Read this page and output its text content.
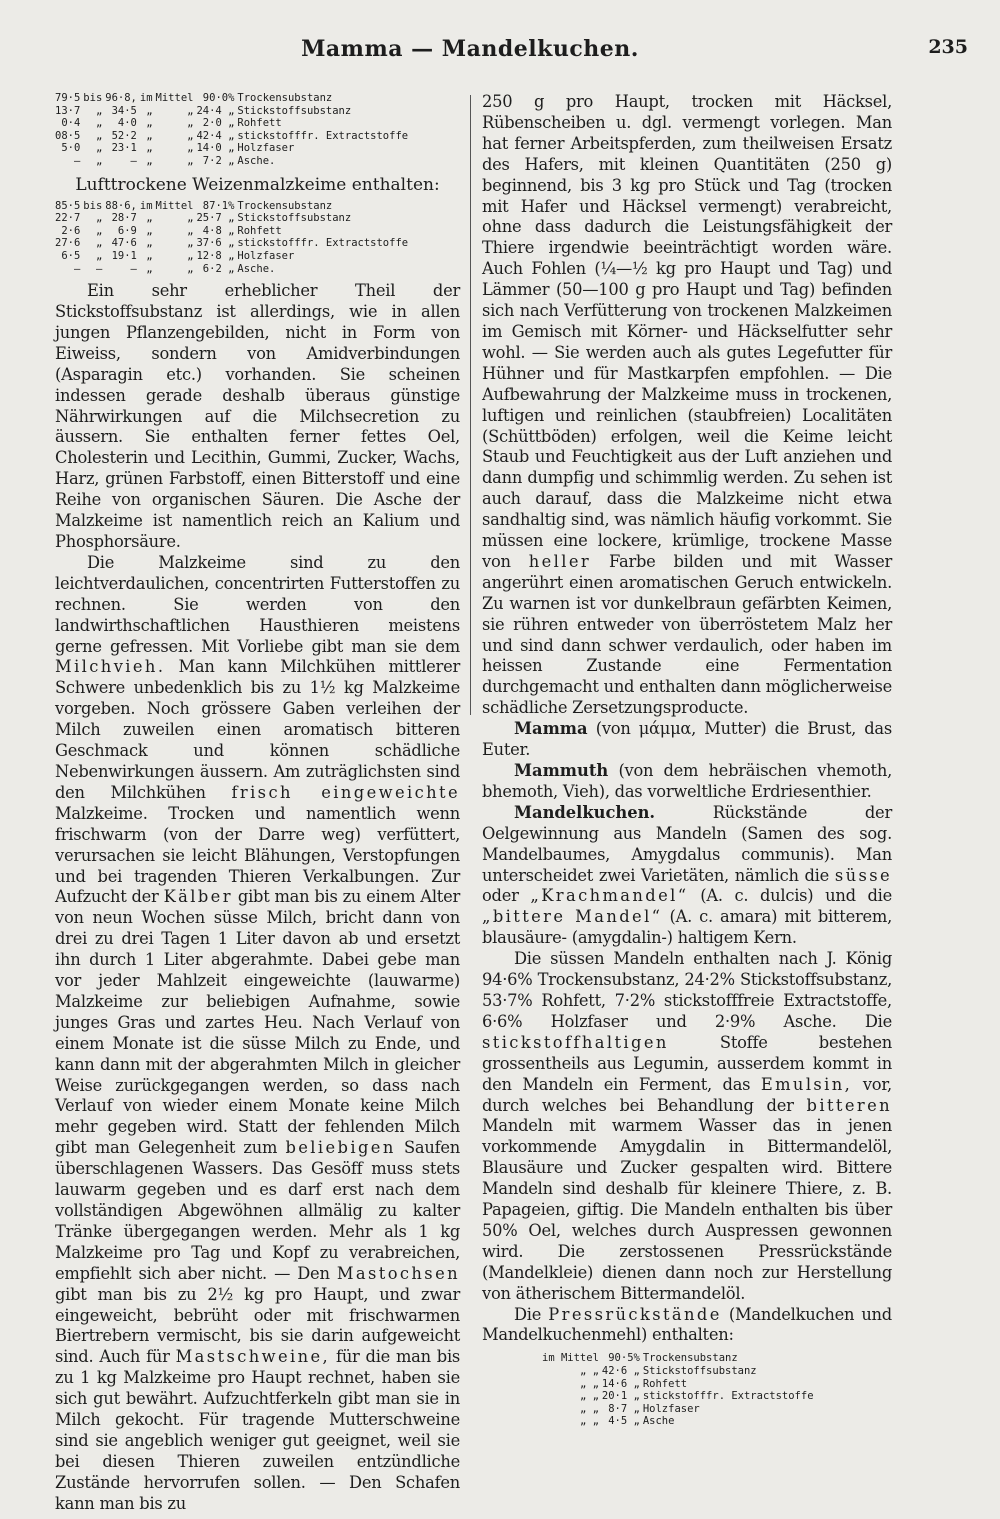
Mamma — Mandelkuchen.	235
79·5	bis	96·8,	im	Mittel	90·0%	Trockensubstanz
13·7	„	34·5	„	„	24·4 „	Stickstoffsubstanz
0·4	„	4·0	„	„	2·0 „	Rohfett
08·5	„	52·2	„	„	42·4 „	stickstofffr. Extractstoffe
5·0	„	23·1	„	„	14·0 „	Holzfaser
—	„	—	„	„	7·2 „	Asche.
Lufttrockene Weizenmalzkeime enthalten:
85·5	bis	88·6,	im	Mittel	87·1%	Trockensubstanz
22·7	„	28·7	„	„	25·7 „	Stickstoffsubstanz
2·6	„	6·9	„	„	4·8 „	Rohfett
27·6	„	47·6	„	„	37·6 „	stickstofffr. Extractstoffe
6·5	„	19·1	„	„	12·8 „	Holzfaser
—	—	—	„	„	6·2 „	Asche.

Ein sehr erheblicher Theil der Stickstoffsubstanz ist allerdings, wie in allen jungen Pflanzengebilden, nicht in Form von Eiweiss, sondern von Amidverbindungen (Asparagin etc.) vorhanden. Sie scheinen indessen gerade deshalb überaus günstige Nährwirkungen auf die Milchsecretion zu äussern. Sie enthalten ferner fettes Oel, Cholesterin und Lecithin, Gummi, Zucker, Wachs, Harz, grünen Farbstoff, einen Bitterstoff und eine Reihe von organischen Säuren. Die Asche der Malzkeime ist namentlich reich an Kalium und Phosphorsäure.

Die Malzkeime sind zu den leichtverdaulichen, concentrirten Futterstoffen zu rechnen. Sie werden von den landwirthschaftlichen Hausthieren meistens gerne gefressen. Mit Vorliebe gibt man sie dem Milchvieh. Man kann Milchkühen mittlerer Schwere unbedenklich bis zu 1½ kg Malzkeime vorgeben. Noch grössere Gaben verleihen der Milch zuweilen einen aromatisch bitteren Geschmack und können schädliche Nebenwirkungen äussern. Am zuträglichsten sind den Milchkühen frisch eingeweichte Malzkeime. Trocken und namentlich wenn frischwarm (von der Darre weg) verfüttert, verursachen sie leicht Blähungen, Verstopfungen und bei tragenden Thieren Verkalbungen. Zur Aufzucht der Kälber gibt man bis zu einem Alter von neun Wochen süsse Milch, bricht dann von drei zu drei Tagen 1 Liter davon ab und ersetzt ihn durch 1 Liter abgerahmte. Dabei gebe man vor jeder Mahlzeit eingeweichte (lauwarme) Malzkeime zur beliebigen Aufnahme, sowie junges Gras und zartes Heu. Nach Verlauf von einem Monate ist die süsse Milch zu Ende, und kann dann mit der abgerahmten Milch in gleicher Weise zurückgegangen werden, so dass nach Verlauf von wieder einem Monate keine Milch mehr gegeben wird. Statt der fehlenden Milch gibt man Gelegenheit zum beliebigen Saufen überschlagenen Wassers. Das Gesöff muss stets lauwarm gegeben und es darf erst nach dem vollständigen Abgewöhnen allmälig zu kalter Tränke übergegangen werden. Mehr als 1 kg Malzkeime pro Tag und Kopf zu verabreichen, empfiehlt sich aber nicht. — Den Mastochsen gibt man bis zu 2½ kg pro Haupt, und zwar eingeweicht, bebrüht oder mit frischwarmen Biertrebern vermischt, bis sie darin aufgeweicht sind. Auch für Mastschweine, für die man bis zu 1 kg Malzkeime pro Haupt rechnet, haben sie sich gut bewährt. Aufzuchtferkeln gibt man sie in Milch gekocht. Für tragende Mutterschweine sind sie angeblich weniger gut geeignet, weil sie bei diesen Thieren zuweilen entzündliche Zustände hervorrufen sollen. — Den Schafen kann man bis zu

250 g pro Haupt, trocken mit Häcksel, Rübenscheiben u. dgl. vermengt vorlegen. Man hat ferner Arbeitspferden, zum theilweisen Ersatz des Hafers, mit kleinen Quantitäten (250 g) beginnend, bis 3 kg pro Stück und Tag (trocken mit Hafer und Häcksel vermengt) verabreicht, ohne dass dadurch die Leistungsfähigkeit der Thiere irgendwie beeinträchtigt worden wäre. Auch Fohlen (¼—½ kg pro Haupt und Tag) und Lämmer (50—100 g pro Haupt und Tag) befinden sich nach Verfütterung von trockenen Malzkeimen im Gemisch mit Körner- und Häckselfutter sehr wohl. — Sie werden auch als gutes Legefutter für Hühner und für Mastkarpfen empfohlen. — Die Aufbewahrung der Malzkeime muss in trockenen, luftigen und reinlichen (staubfreien) Localitäten (Schüttböden) erfolgen, weil die Keime leicht Staub und Feuchtigkeit aus der Luft anziehen und dann dumpfig und schimmlig werden. Zu sehen ist auch darauf, dass die Malzkeime nicht etwa sandhaltig sind, was nämlich häufig vorkommt. Sie müssen eine lockere, krümlige, trockene Masse von heller Farbe bilden und mit Wasser angerührt einen aromatischen Geruch entwickeln. Zu warnen ist vor dunkelbraun gefärbten Keimen, sie rühren entweder von überröstetem Malz her und sind dann schwer verdaulich, oder haben im heissen Zustande eine Fermentation durchgemacht und enthalten dann möglicherweise schädliche Zersetzungsproducte.

Mamma (von μάμμα, Mutter) die Brust, das Euter.

Mammuth (von dem hebräischen vhemoth, bhemoth, Vieh), das vorweltliche Erdriesenthier.

Mandelkuchen.	Rückstände der Oelgewinnung aus Mandeln (Samen des sog. Mandelbaumes, Amygdalus communis). Man unterscheidet zwei Varietäten, nämlich die süsse oder „Krachmandel“ (A. c. dulcis) und die „bittere Mandel“ (A. c. amara) mit bitterem, blausäure- (amygdalin-) haltigem Kern.

Die süssen Mandeln enthalten nach J. König 94·6% Trockensubstanz, 24·2% Stickstoffsubstanz, 53·7% Rohfett, 7·2% stickstofffreie Extractstoffe, 6·6% Holzfaser und 2·9% Asche. Die stickstoffhaltigen	Stoffe bestehen grossentheils aus Legumin, ausserdem kommt in den Mandeln ein Ferment, das Emulsin, vor, durch welches bei Behandlung der bitteren Mandeln mit warmem Wasser das in jenen vorkommende Amygdalin in Bittermandelöl, Blausäure und Zucker gespalten wird. Bittere Mandeln sind deshalb für kleinere Thiere, z. B. Papageien, giftig. Die Mandeln enthalten bis über 50% Oel, welches durch Auspressen gewonnen wird. Die zerstossenen Pressrückstände (Mandelkleie) dienen dann noch zur Herstellung von ätherischem Bittermandelöl.

Die Pressrückstände (Mandelkuchen und Mandelkuchenmehl) enthalten:

im Mittel	90·5%	Trockensubstanz
„ „	42·6 „	Stickstoffsubstanz
„ „	14·6 „	Rohfett
„ „	20·1 „	stickstofffr. Extractstoffe
„ „	8·7 „	Holzfaser
„ „	4·5 „	Asche
